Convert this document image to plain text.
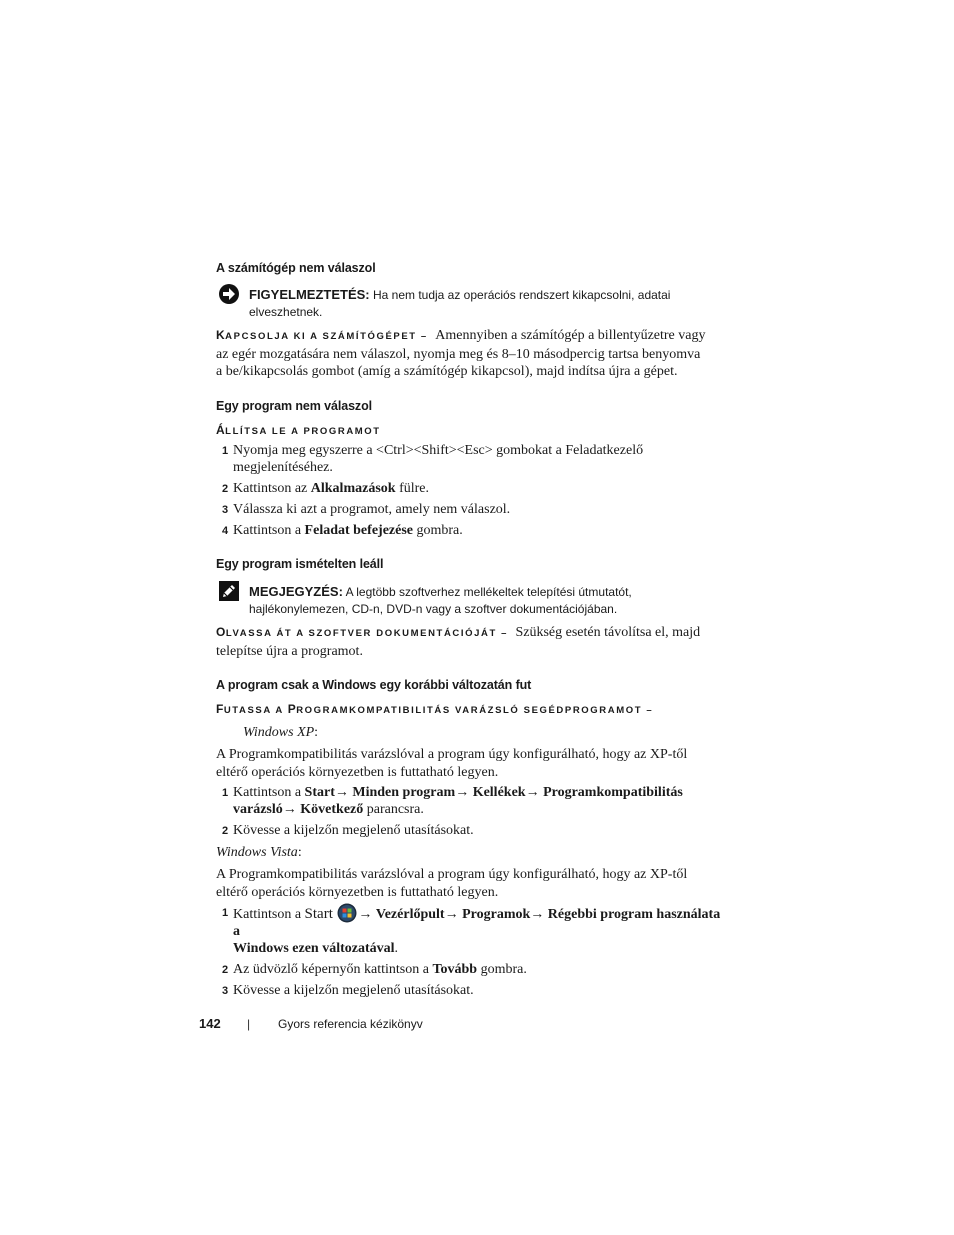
A számítógép nem válaszol
FIGYELMEZTETÉS: Ha nem tudja az operációs rendszert kikapcsolni, adatai
elveszhetnek.
KAPCSOLJA KI A SZÁMÍTÓGÉPET – Amennyiben a számítógép a billentyűzetre vagy
az egér mozgatására nem válaszol, nyomja meg és 8–10 másodpercig tartsa benyomva
a be/kikapcsolás gombot (amíg a számítógép kikapcsol), majd indítsa újra a gépet.
Egy program nem válaszol
ÁLLÍTSA LE A PROGRAMOT
1 Nyomja meg egyszerre a <Ctrl><Shift><Esc> gombokat a Feladatkezelő
megjelenítéséhez.
2 Kattintson az Alkalmazások fülre.
3 Válassza ki azt a programot, amely nem válaszol.
4 Kattintson a Feladat befejezése gombra.
Egy program ismételten leáll
MEGJEGYZÉS: A legtöbb szoftverhez mellékeltek telepítési útmutatót,
hajlékonylemezen, CD-n, DVD-n vagy a szoftver dokumentációjában.
OLVASSA ÁT A SZOFTVER DOKUMENTÁCIÓJÁT – Szükség esetén távolítsa el, majd
telepítse újra a programot.
A program csak a Windows egy korábbi változatán fut
FUTASSA A PROGRAMKOMPATIBILITÁS VARÁZSLÓ SEGÉDPROGRAMOT –
Windows XP:
A Programkompatibilitás varázslóval a program úgy konfigurálható, hogy az XP-től
eltérő operációs környezetben is futtatható legyen.
1 Kattintson a Start→ Minden program→ Kellékek→ Programkompatibilitás
varázsló→ Következő parancsra.
2 Kövesse a kijelzőn megjelenő utasításokat.
Windows Vista:
A Programkompatibilitás varázslóval a program úgy konfigurálható, hogy az XP-től
eltérő operációs környezetben is futtatható legyen.
1 Kattintson a Start → Vezérlőpult→ Programok→ Régebbi program használata a
Windows ezen változatával.
2 Az üdvözlő képernyőn kattintson a Tovább gombra.
3 Kövesse a kijelzőn megjelenő utasításokat.
142 | Gyors referencia kézikönyv
